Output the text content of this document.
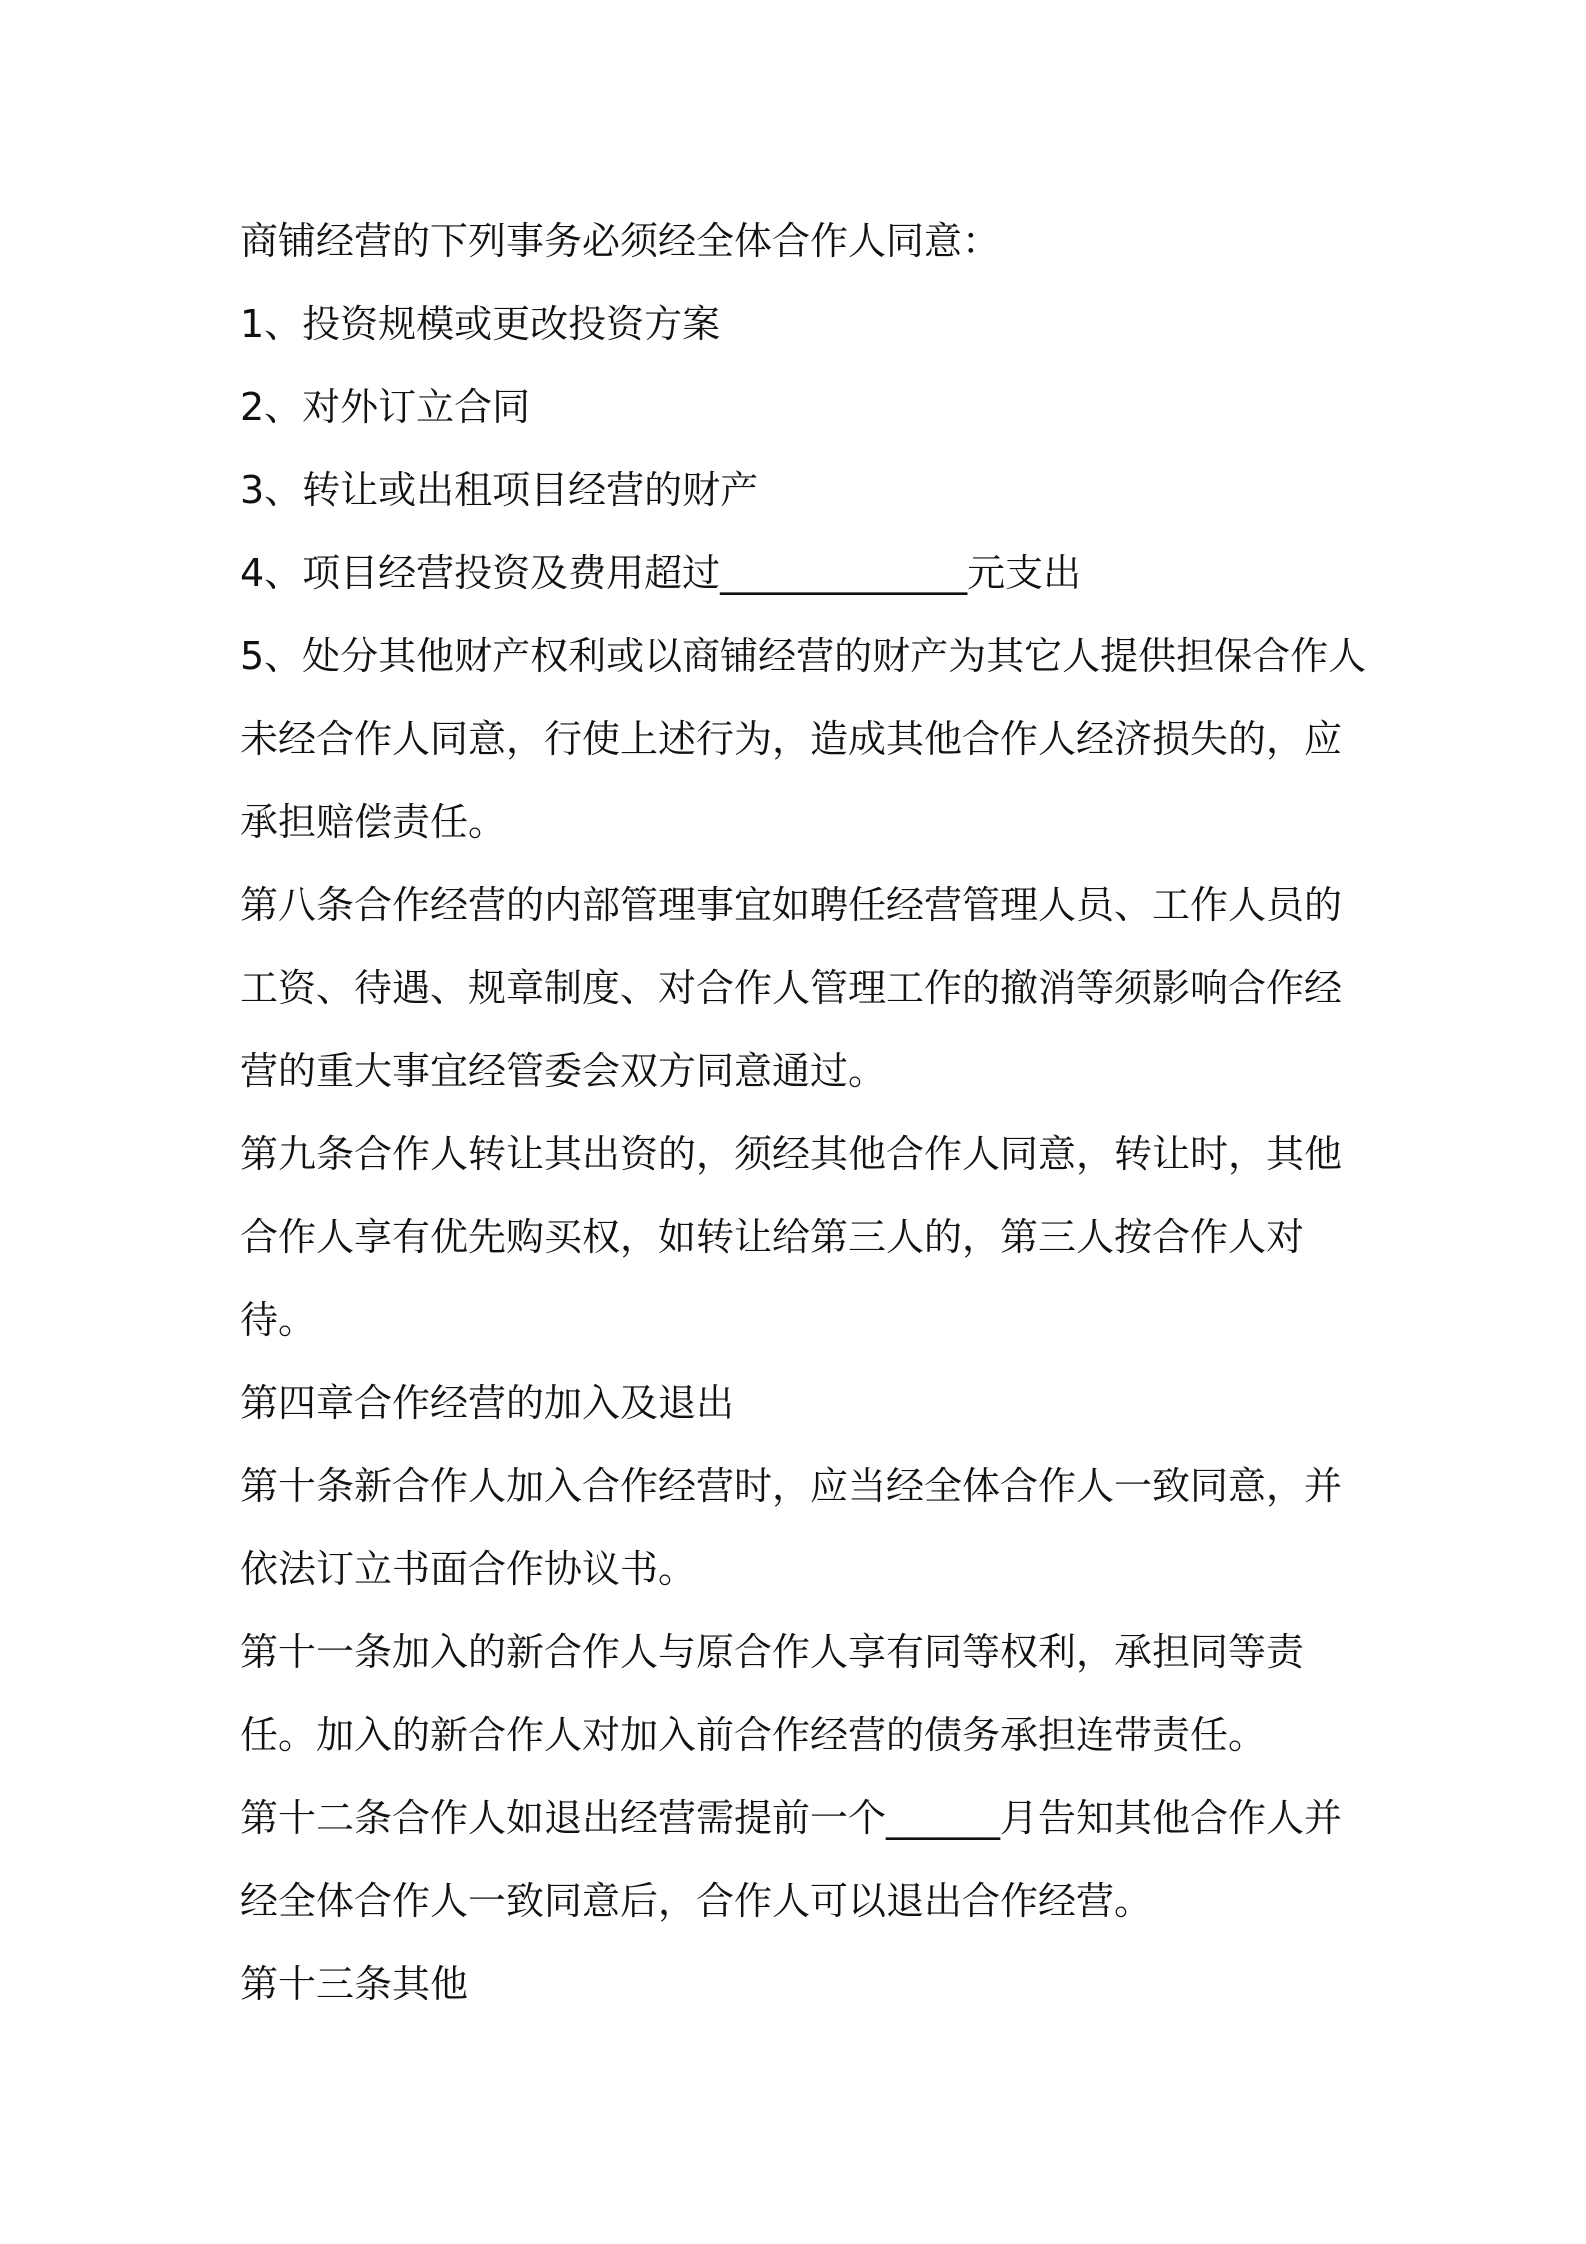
商铺经营的下列事务必须经全体合作人同意：

1、投资规模或更改投资方案

2、对外订立合同

3、转让或出租项目经营的财产

4、项目经营投资及费用超过_____________元支出

5、处分其他财产权利或以商铺经营的财产为其它人提供担保合作人未经合作人同意，行使上述行为，造成其他合作人经济损失的，应承担赔偿责任。

第八条合作经营的内部管理事宜如聘任经营管理人员、工作人员的工资、待遇、规章制度、对合作人管理工作的撤消等须影响合作经营的重大事宜经管委会双方同意通过。

第九条合作人转让其出资的，须经其他合作人同意，转让时，其他合作人享有优先购买权，如转让给第三人的，第三人按合作人对待。

第四章合作经营的加入及退出

第十条新合作人加入合作经营时，应当经全体合作人一致同意，并依法订立书面合作协议书。

第十一条加入的新合作人与原合作人享有同等权利，承担同等责任。加入的新合作人对加入前合作经营的债务承担连带责任。

第十二条合作人如退出经营需提前一个______月告知其他合作人并经全体合作人一致同意后，合作人可以退出合作经营。

第十三条其他
